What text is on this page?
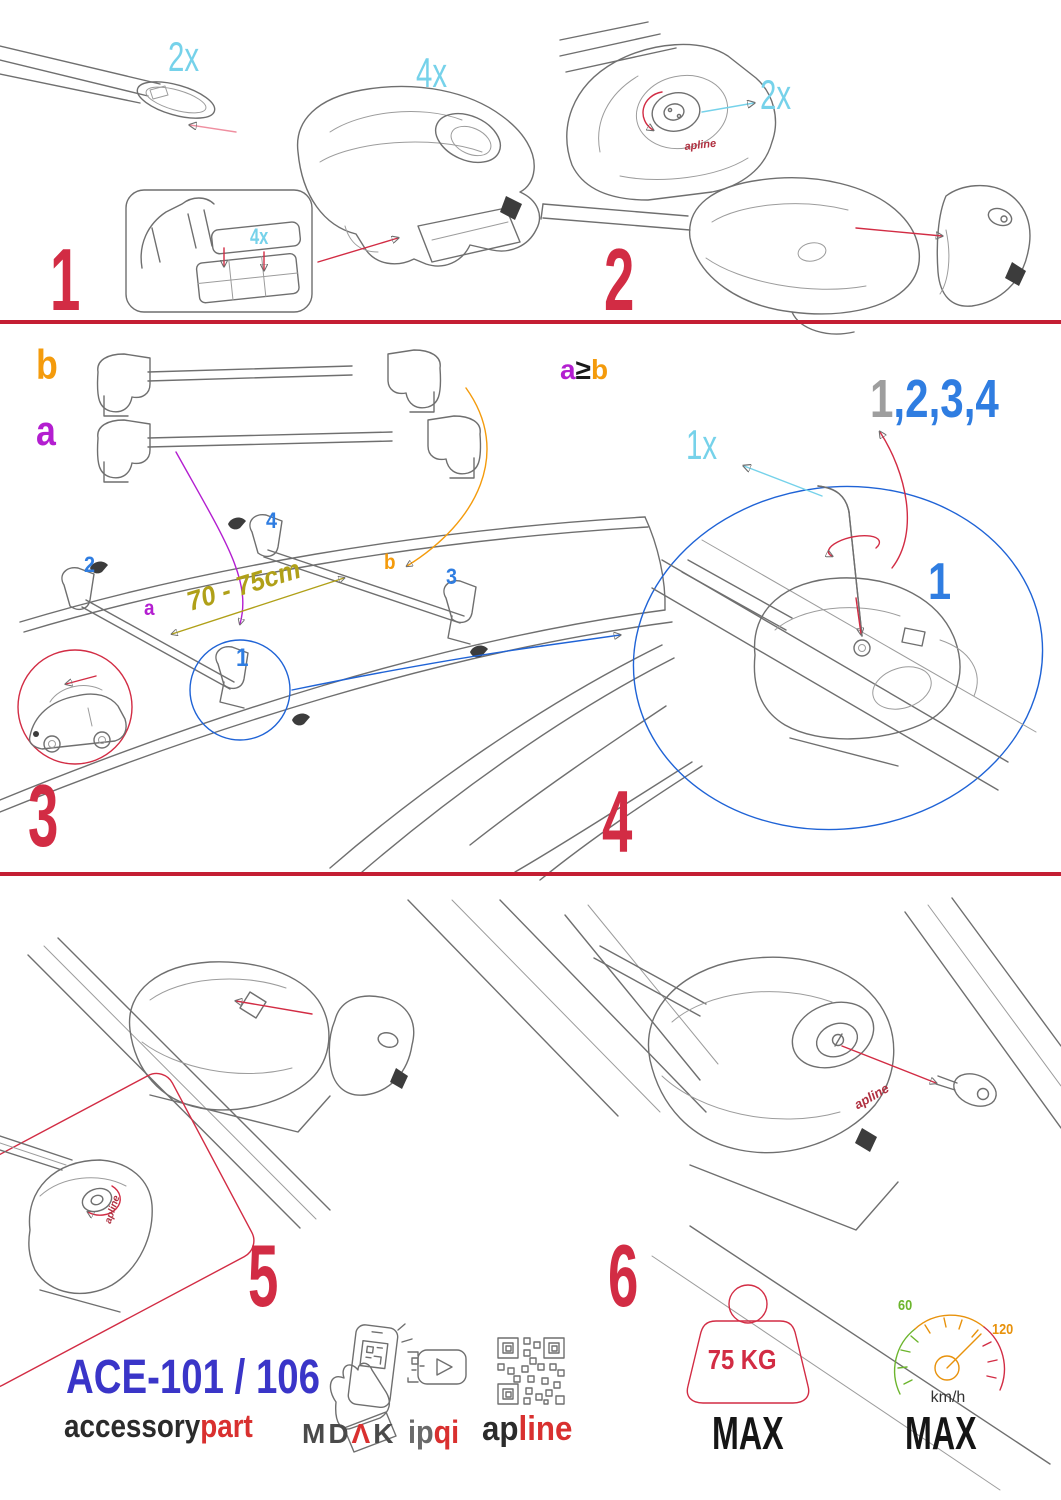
1
2x	4x
4x	2
2x
apline
b
a
2
4
3
b
a 70 - 75cm
1
3
a≥b	1,2,3,4
1x
1
4
5
apline
6
apline
ACE-101 / 106
accessorypart MDΛK ipqi apline
75 KG
MAX
60
120
km/h
MAX
